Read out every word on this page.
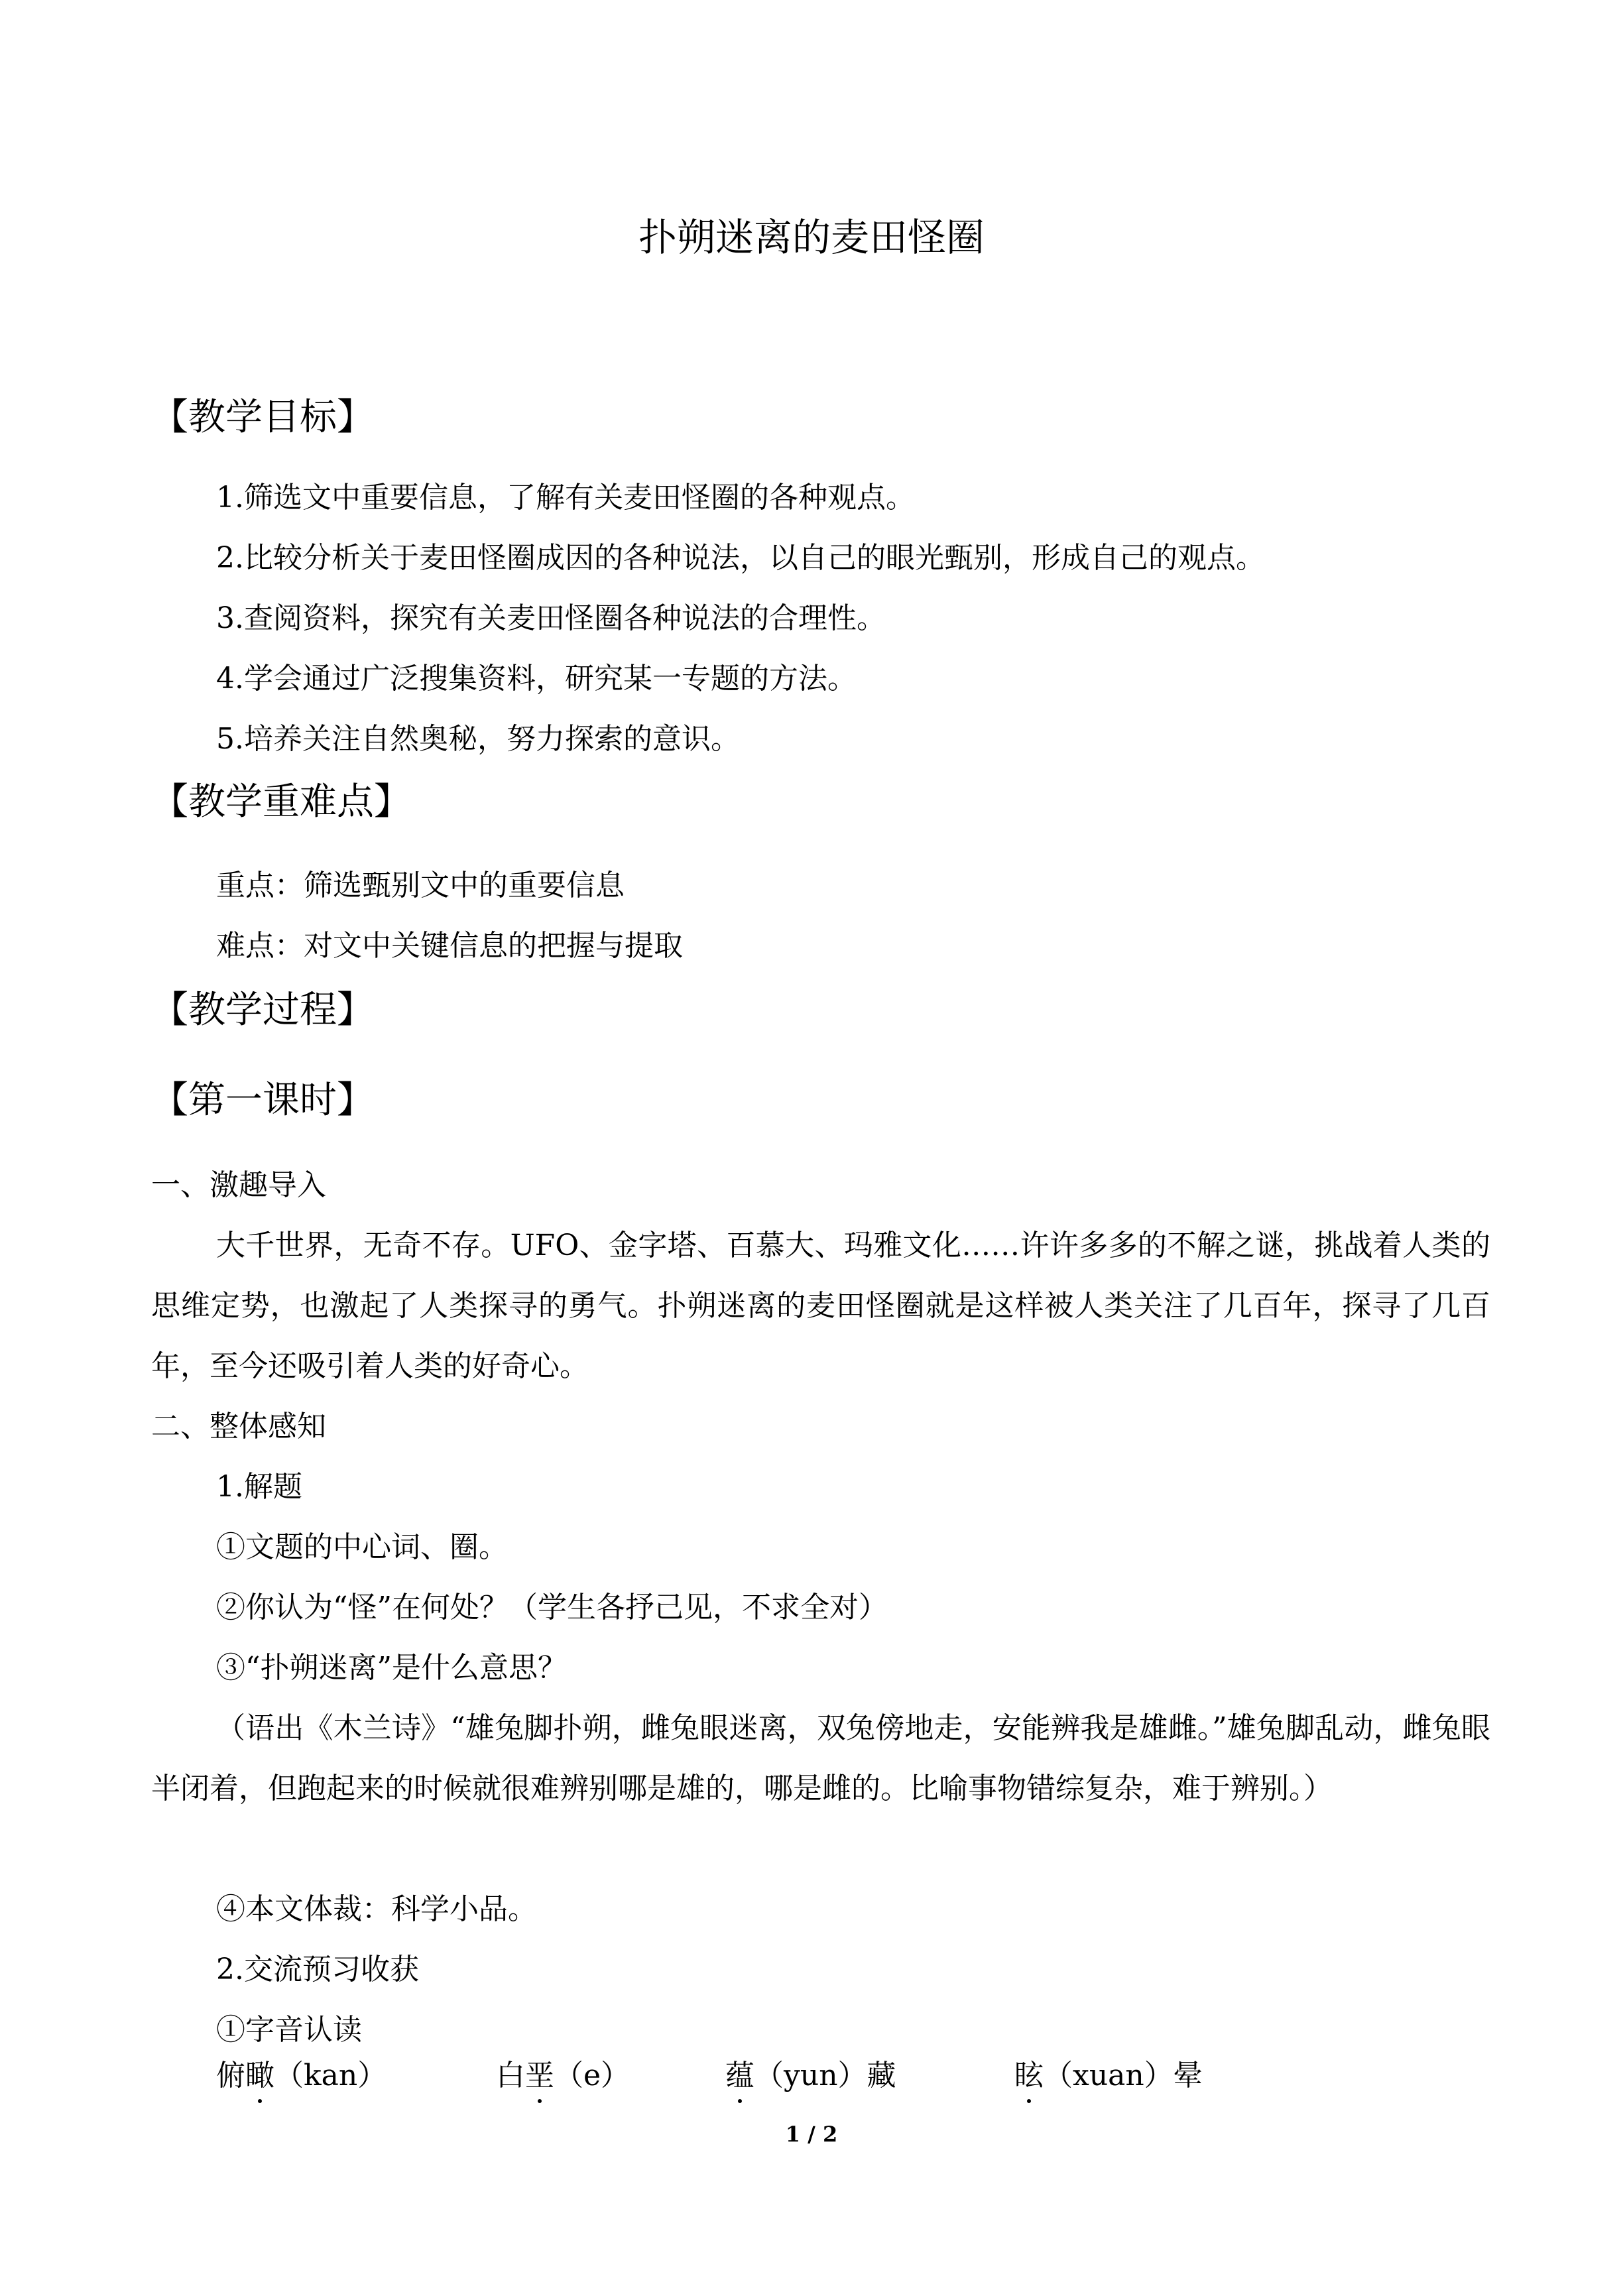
扑朔迷离的麦田怪圈
【教学目标】
1.筛选文中重要信息，了解有关麦田怪圈的各种观点。
2.比较分析关于麦田怪圈成因的各种说法，以自己的眼光甄别，形成自己的观点。
3.查阅资料，探究有关麦田怪圈各种说法的合理性。
4.学会通过广泛搜集资料，研究某一专题的方法。
5.培养关注自然奥秘，努力探索的意识。
【教学重难点】
重点：筛选甄别文中的重要信息
难点：对文中关键信息的把握与提取
【教学过程】
【第一课时】
一、激趣导入
大千世界，无奇不存。UFO、金字塔、百慕大、玛雅文化……许许多多的不解之谜，挑战着人类的思维定势，也激起了人类探寻的勇气。扑朔迷离的麦田怪圈就是这样被人类关注了几百年，探寻了几百年，至今还吸引着人类的好奇心。
二、整体感知
1.解题
①文题的中心词、圈。
②你认为“怪”在何处？（学生各抒己见，不求全对）
③“扑朔迷离”是什么意思？
（语出《木兰诗》“雄兔脚扑朔，雌兔眼迷离，双兔傍地走，安能辨我是雄雌。”雄兔脚乱动，雌兔眼半闭着，但跑起来的时候就很难辨别哪是雄的，哪是雌的。比喻事物错综复杂，难于辨别。）
④本文体裁：科学小品。
2.交流预习收获
①字音认读
俯瞰（kan）	白垩（e）	蕴（yun）藏	眩（xuan）晕
1 / 2
